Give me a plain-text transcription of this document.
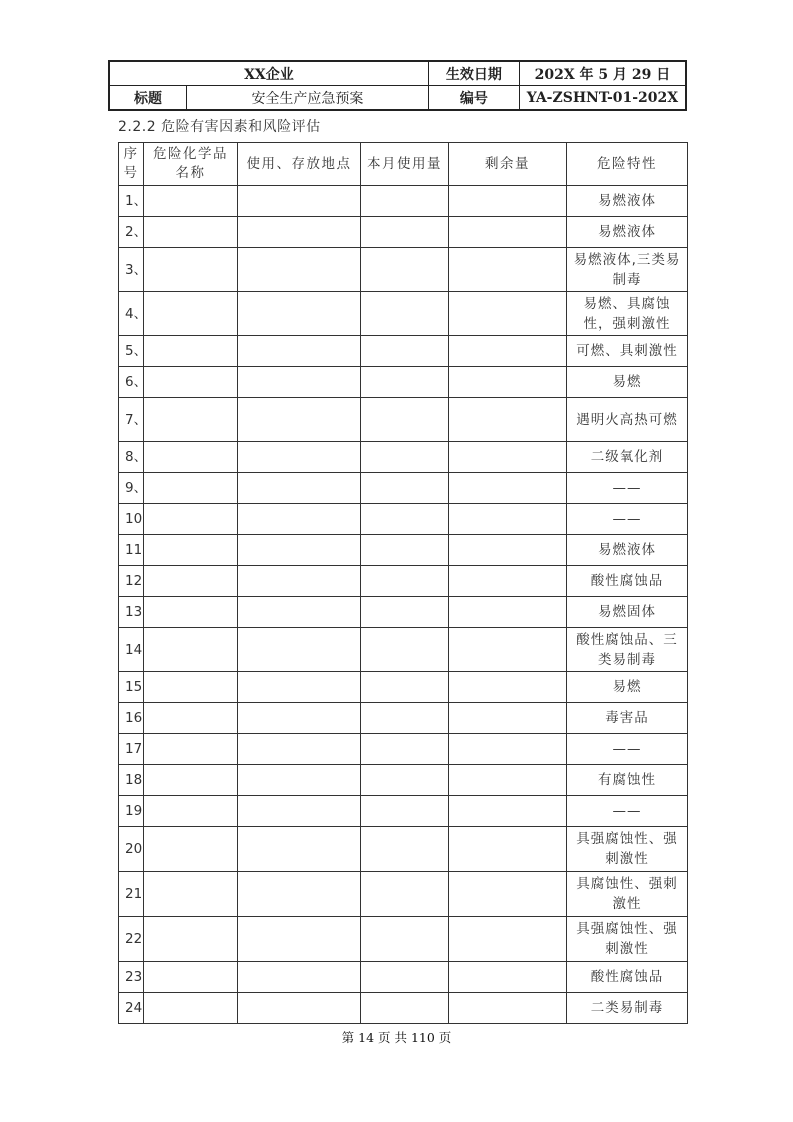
XX企业		生效日期	202X 年 5 月 29 日
标题	安全生产应急预案	编号	YA-ZSHNT-01-202X
2.2.2 危险有害因素和风险评估
序号	危险化学品名称	使用、存放地点	本月使用量	剩余量	危险特性
1、					易燃液体
2、					易燃液体
3、					易燃液体,三类易制毒
4、					易燃、具腐蚀性，强刺激性
5、					可燃、具刺激性
6、					易燃
7、					遇明火高热可燃
8、					二级氧化剂
9、					——
10					——
11					易燃液体
12					酸性腐蚀品
13					易燃固体
14					酸性腐蚀品、三类易制毒
15					易燃
16					毒害品
17					——
18					有腐蚀性
19					——
20					具强腐蚀性、强刺激性
21					具腐蚀性、强刺激性
22					具强腐蚀性、强刺激性
23					酸性腐蚀品
24					二类易制毒
第 14 页 共 110 页
